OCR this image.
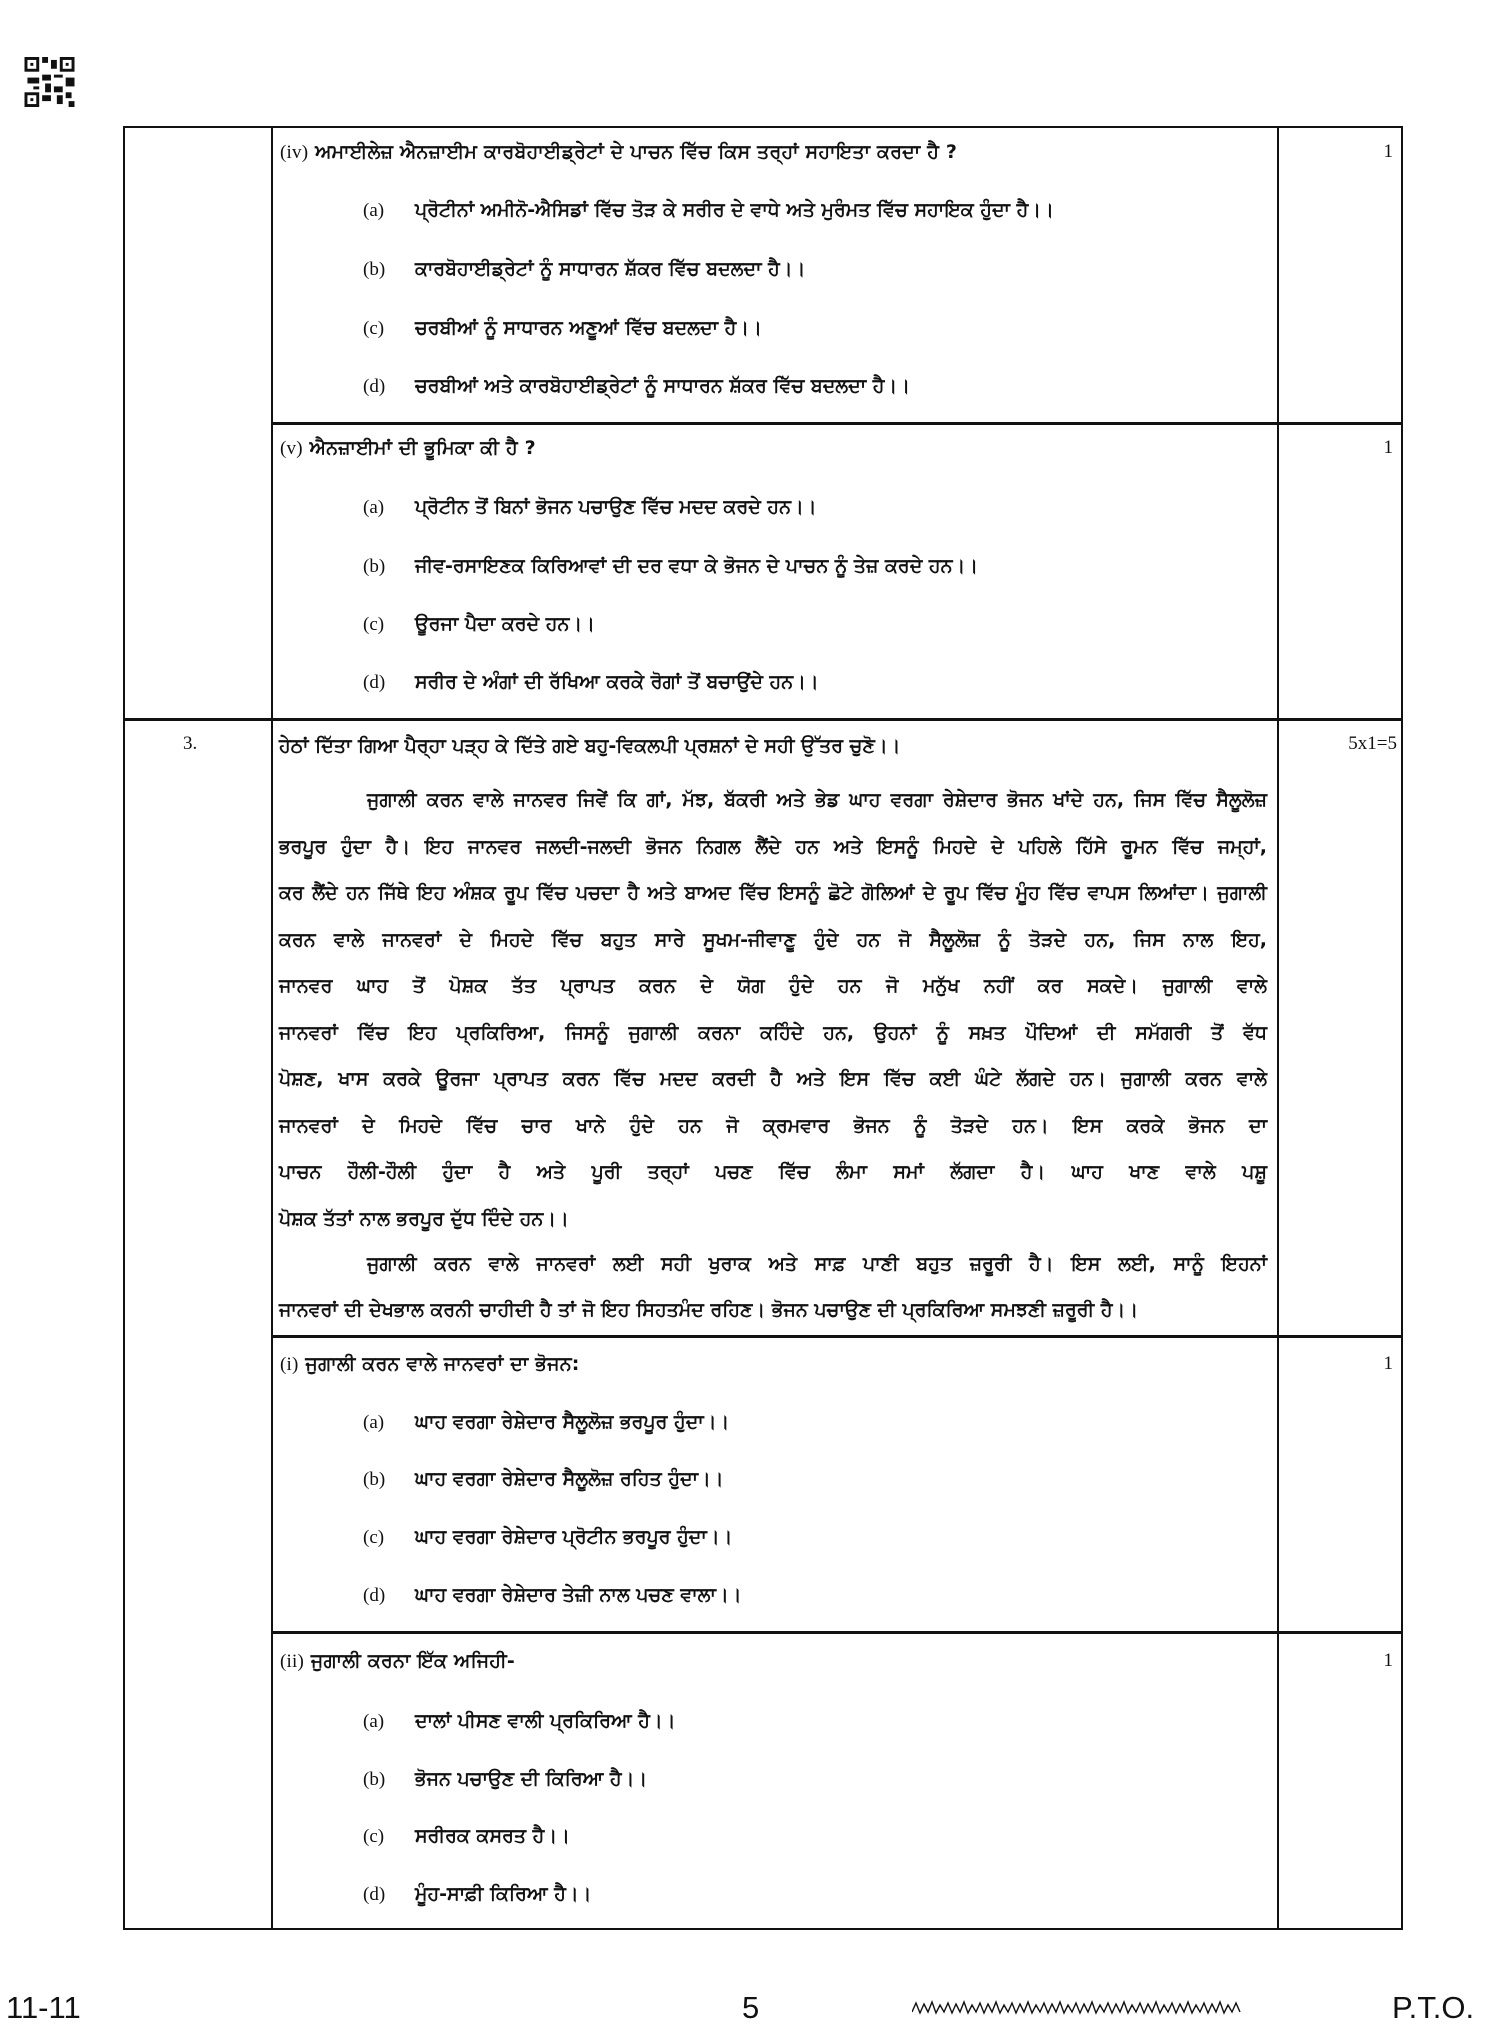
(iv) ਅਮਾਈਲੇਜ਼ ਐਨਜ਼ਾਈਮ ਕਾਰਬੋਹਾਈਡ੍ਰੇਟਾਂ ਦੇ ਪਾਚਨ ਵਿੱਚ ਕਿਸ ਤਰ੍ਹਾਂ ਸਹਾਇਤਾ ਕਰਦਾ ਹੈ ?	1
(a) ਪ੍ਰੋਟੀਨਾਂ ਅਮੀਨੋ-ਐਸਿਡਾਂ ਵਿੱਚ ਤੋੜ ਕੇ ਸਰੀਰ ਦੇ ਵਾਧੇ ਅਤੇ ਮੁਰੰਮਤ ਵਿੱਚ ਸਹਾਇਕ ਹੁੰਦਾ ਹੈ।।
(b) ਕਾਰਬੋਹਾਈਡ੍ਰੇਟਾਂ ਨੂੰ ਸਾਧਾਰਨ ਸ਼ੱਕਰ ਵਿੱਚ ਬਦਲਦਾ ਹੈ।।
(c) ਚਰਬੀਆਂ ਨੂੰ ਸਾਧਾਰਨ ਅਣੂਆਂ ਵਿੱਚ ਬਦਲਦਾ ਹੈ।।
(d) ਚਰਬੀਆਂ ਅਤੇ ਕਾਰਬੋਹਾਈਡ੍ਰੇਟਾਂ ਨੂੰ ਸਾਧਾਰਨ ਸ਼ੱਕਰ ਵਿੱਚ ਬਦਲਦਾ ਹੈ।।
(v) ਐਨਜ਼ਾਈਮਾਂ ਦੀ ਭੂਮਿਕਾ ਕੀ ਹੈ ?	1
(a) ਪ੍ਰੋਟੀਨ ਤੋਂ ਬਿਨਾਂ ਭੋਜਨ ਪਚਾਉਣ ਵਿੱਚ ਮਦਦ ਕਰਦੇ ਹਨ।।
(b) ਜੀਵ-ਰਸਾਇਣਕ ਕਿਰਿਆਵਾਂ ਦੀ ਦਰ ਵਧਾ ਕੇ ਭੋਜਨ ਦੇ ਪਾਚਨ ਨੂੰ ਤੇਜ਼ ਕਰਦੇ ਹਨ।।
(c) ਊਰਜਾ ਪੈਦਾ ਕਰਦੇ ਹਨ।।
(d) ਸਰੀਰ ਦੇ ਅੰਗਾਂ ਦੀ ਰੱਖਿਆ ਕਰਕੇ ਰੋਗਾਂ ਤੋਂ ਬਚਾਉਂਦੇ ਹਨ।।
3.	5x1=5
ਹੇਠਾਂ ਦਿੱਤਾ ਗਿਆ ਪੈਰ੍ਹਾ ਪੜ੍ਹ ਕੇ ਦਿੱਤੇ ਗਏ ਬਹੁ-ਵਿਕਲਪੀ ਪ੍ਰਸ਼ਨਾਂ ਦੇ ਸਹੀ ਉੱਤਰ ਚੁਣੋ।।
ਜੁਗਾਲੀ ਕਰਨ ਵਾਲੇ ਜਾਨਵਰ ਜਿਵੇਂ ਕਿ ਗਾਂ, ਮੱਝ, ਬੱਕਰੀ ਅਤੇ ਭੇਡ ਘਾਹ ਵਰਗਾ ਰੇਸ਼ੇਦਾਰ ਭੋਜਨ ਖਾਂਦੇ ਹਨ, ਜਿਸ ਵਿੱਚ ਸੈਲੂਲੋਜ਼
ਭਰਪੂਰ ਹੁੰਦਾ ਹੈ। ਇਹ ਜਾਨਵਰ ਜਲਦੀ-ਜਲਦੀ ਭੋਜਨ ਨਿਗਲ ਲੈਂਦੇ ਹਨ ਅਤੇ ਇਸਨੂੰ ਮਿਹਦੇ ਦੇ ਪਹਿਲੇ ਹਿੱਸੇ ਰੂਮਨ ਵਿੱਚ ਜਮ੍ਹਾਂ,
ਕਰ ਲੈਂਦੇ ਹਨ ਜਿੱਥੇ ਇਹ ਅੰਸ਼ਕ ਰੂਪ ਵਿੱਚ ਪਚਦਾ ਹੈ ਅਤੇ ਬਾਅਦ ਵਿੱਚ ਇਸਨੂੰ ਛੋਟੇ ਗੋਲਿਆਂ ਦੇ ਰੂਪ ਵਿੱਚ ਮੂੰਹ ਵਿੱਚ ਵਾਪਸ ਲਿਆਂਦਾ। ਜੁਗਾਲੀ
ਕਰਨ ਵਾਲੇ ਜਾਨਵਰਾਂ ਦੇ ਮਿਹਦੇ ਵਿੱਚ ਬਹੁਤ ਸਾਰੇ ਸੂਖਮ-ਜੀਵਾਣੂ ਹੁੰਦੇ ਹਨ ਜੋ ਸੈਲੂਲੋਜ਼ ਨੂੰ ਤੋੜਦੇ ਹਨ, ਜਿਸ ਨਾਲ ਇਹ,
ਜਾਨਵਰ ਘਾਹ ਤੋਂ ਪੋਸ਼ਕ ਤੱਤ ਪ੍ਰਾਪਤ ਕਰਨ ਦੇ ਯੋਗ ਹੁੰਦੇ ਹਨ ਜੋ ਮਨੁੱਖ ਨਹੀਂ ਕਰ ਸਕਦੇ। ਜੁਗਾਲੀ ਵਾਲੇ
ਜਾਨਵਰਾਂ ਵਿੱਚ ਇਹ ਪ੍ਰਕਿਰਿਆ, ਜਿਸਨੂੰ ਜੁਗਾਲੀ ਕਰਨਾ ਕਹਿੰਦੇ ਹਨ, ਉਹਨਾਂ ਨੂੰ ਸਖ਼ਤ ਪੌਦਿਆਂ ਦੀ ਸਮੱਗਰੀ ਤੋਂ ਵੱਧ
ਪੋਸ਼ਣ, ਖਾਸ ਕਰਕੇ ਊਰਜਾ ਪ੍ਰਾਪਤ ਕਰਨ ਵਿੱਚ ਮਦਦ ਕਰਦੀ ਹੈ ਅਤੇ ਇਸ ਵਿੱਚ ਕਈ ਘੰਟੇ ਲੱਗਦੇ ਹਨ। ਜੁਗਾਲੀ ਕਰਨ ਵਾਲੇ
ਜਾਨਵਰਾਂ ਦੇ ਮਿਹਦੇ ਵਿੱਚ ਚਾਰ ਖਾਨੇ ਹੁੰਦੇ ਹਨ ਜੋ ਕ੍ਰਮਵਾਰ ਭੋਜਨ ਨੂੰ ਤੋੜਦੇ ਹਨ। ਇਸ ਕਰਕੇ ਭੋਜਨ ਦਾ
ਪਾਚਨ ਹੌਲੀ-ਹੌਲੀ ਹੁੰਦਾ ਹੈ ਅਤੇ ਪੂਰੀ ਤਰ੍ਹਾਂ ਪਚਣ ਵਿੱਚ ਲੰਮਾ ਸਮਾਂ ਲੱਗਦਾ ਹੈ। ਘਾਹ ਖਾਣ ਵਾਲੇ ਪਸ਼ੂ
ਪੋਸ਼ਕ ਤੱਤਾਂ ਨਾਲ ਭਰਪੂਰ ਦੁੱਧ ਦਿੰਦੇ ਹਨ।।
ਜੁਗਾਲੀ ਕਰਨ ਵਾਲੇ ਜਾਨਵਰਾਂ ਲਈ ਸਹੀ ਖੁਰਾਕ ਅਤੇ ਸਾਫ਼ ਪਾਣੀ ਬਹੁਤ ਜ਼ਰੂਰੀ ਹੈ। ਇਸ ਲਈ, ਸਾਨੂੰ ਇਹਨਾਂ
ਜਾਨਵਰਾਂ ਦੀ ਦੇਖਭਾਲ ਕਰਨੀ ਚਾਹੀਦੀ ਹੈ ਤਾਂ ਜੋ ਇਹ ਸਿਹਤਮੰਦ ਰਹਿਣ। ਭੋਜਨ ਪਚਾਉਣ ਦੀ ਪ੍ਰਕਿਰਿਆ ਸਮਝਣੀ ਜ਼ਰੂਰੀ ਹੈ।।
(i) ਜੁਗਾਲੀ ਕਰਨ ਵਾਲੇ ਜਾਨਵਰਾਂ ਦਾ ਭੋਜਨ:	1
(a) ਘਾਹ ਵਰਗਾ ਰੇਸ਼ੇਦਾਰ ਸੈਲੂਲੋਜ਼ ਭਰਪੂਰ ਹੁੰਦਾ।।
(b) ਘਾਹ ਵਰਗਾ ਰੇਸ਼ੇਦਾਰ ਸੈਲੂਲੋਜ਼ ਰਹਿਤ ਹੁੰਦਾ।।
(c) ਘਾਹ ਵਰਗਾ ਰੇਸ਼ੇਦਾਰ ਪ੍ਰੋਟੀਨ ਭਰਪੂਰ ਹੁੰਦਾ।।
(d) ਘਾਹ ਵਰਗਾ ਰੇਸ਼ੇਦਾਰ ਤੇਜ਼ੀ ਨਾਲ ਪਚਣ ਵਾਲਾ।।
(ii) ਜੁਗਾਲੀ ਕਰਨਾ ਇੱਕ ਅਜਿਹੀ-	1
(a) ਦਾਲਾਂ ਪੀਸਣ ਵਾਲੀ ਪ੍ਰਕਿਰਿਆ ਹੈ।।
(b) ਭੋਜਨ ਪਚਾਉਣ ਦੀ ਕਿਰਿਆ ਹੈ।।
(c) ਸਰੀਰਕ ਕਸਰਤ ਹੈ।।
(d) ਮੂੰਹ-ਸਾਫ਼ੀ ਕਿਰਿਆ ਹੈ।।
11-11	5	P.T.O.
